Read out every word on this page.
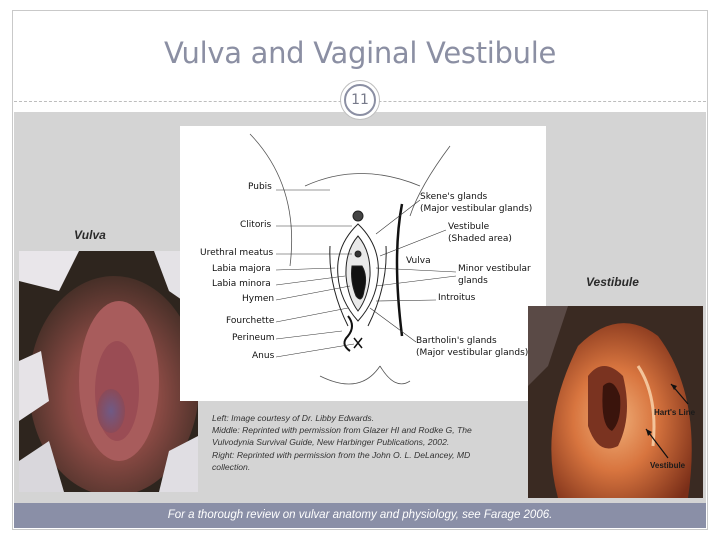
Vulva and Vaginal Vestibule
11
Vulva
Pubis
Clitoris
Urethral meatus
Labia majora
Labia minora
Hymen
Fourchette
Perineum
Anus
Skene's glands
(Major vestibular glands)
Vestibule
(Shaded area)
Vulva
Minor vestibular
glands
Introitus
Bartholin's glands
(Major vestibular glands)
Left: Image courtesy of Dr. Libby Edwards.
Middle: Reprinted with permission from Glazer HI and Rodke G, The
Vulvodynia Survival Guide, New Harbinger Publications, 2002.
Right: Reprinted with permission from the John O. L. DeLancey, MD
collection.
Vestibule
Hart's Line
Vestibule
For a thorough review on vulvar anatomy and physiology, see Farage 2006.
